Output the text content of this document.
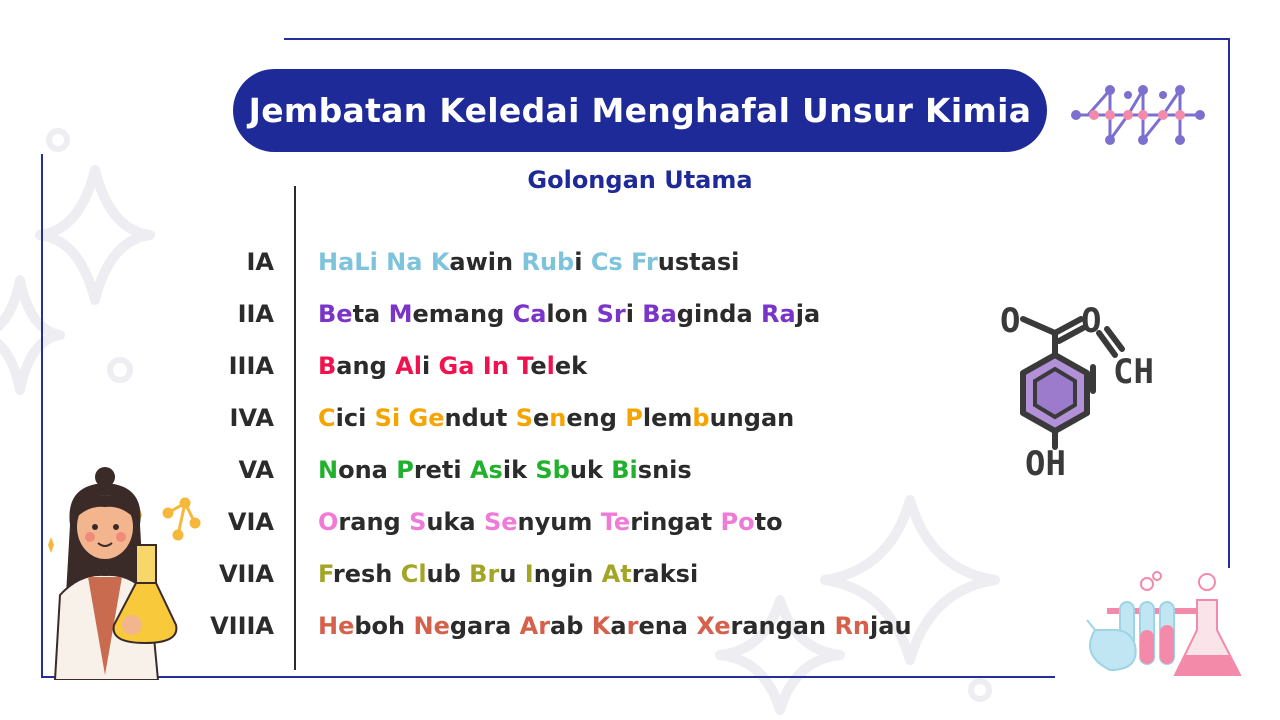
Jembatan Keledai Menghafal Unsur Kimia
Golongan Utama
IA HaLi Na Kawin Rubi Cs Frustasi
IIA Beta Memang Calon Sri Baginda Raja
IIIA Bang Ali Ga In Telek
IVA Cici Si Gendut Seneng Plembungan
VA Nona Preti Asik Sbuk Bisnis
VIA Orang Suka Senyum Teringat Poto
VIIA Fresh Club Bru Ingin Atraksi
VIIIA Heboh Negara Arab Karena Xerangan Rnjau
O O
CH
OH
